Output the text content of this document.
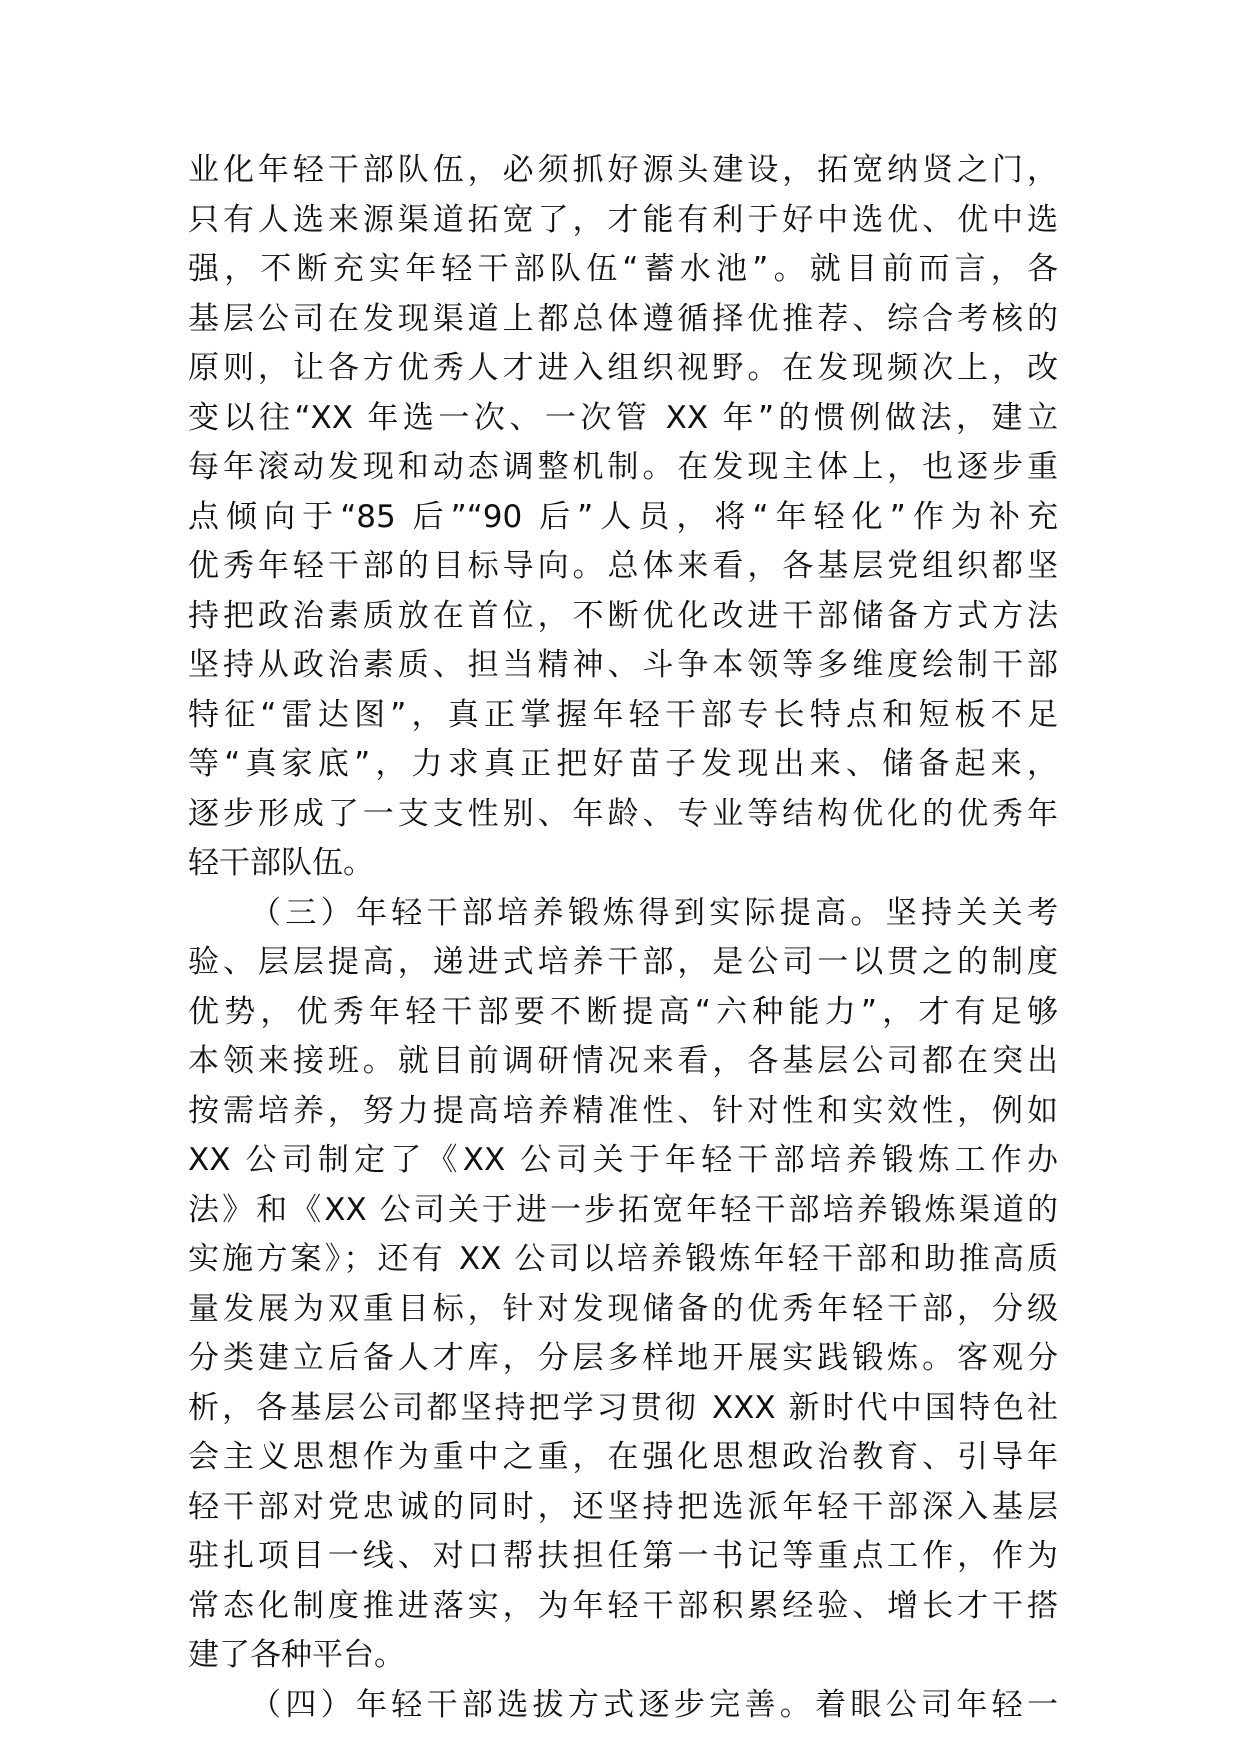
业化年轻干部队伍，必须抓好源头建设，拓宽纳贤之门，
只有人选来源渠道拓宽了，才能有利于好中选优、优中选
强，不断充实年轻干部队伍“蓄水池”。就目前而言，各
基层公司在发现渠道上都总体遵循择优推荐、综合考核的
原则，让各方优秀人才进入组织视野。在发现频次上，改
变以往“XX 年选一次、一次管 XX 年”的惯例做法，建立
每年滚动发现和动态调整机制。在发现主体上，也逐步重
点倾向于“85 后”“90 后”人员，将“年轻化”作为补充
优秀年轻干部的目标导向。总体来看，各基层党组织都坚
持把政治素质放在首位，不断优化改进干部储备方式方法
坚持从政治素质、担当精神、斗争本领等多维度绘制干部
特征“雷达图”，真正掌握年轻干部专长特点和短板不足
等“真家底”，力求真正把好苗子发现出来、储备起来，
逐步形成了一支支性别、年龄、专业等结构优化的优秀年
轻干部队伍。
（三）年轻干部培养锻炼得到实际提高。坚持关关考
验、层层提高，递进式培养干部，是公司一以贯之的制度
优势，优秀年轻干部要不断提高“六种能力”，才有足够
本领来接班。就目前调研情况来看，各基层公司都在突出
按需培养，努力提高培养精准性、针对性和实效性，例如
XX 公司制定了《XX 公司关于年轻干部培养锻炼工作办
法》和《XX 公司关于进一步拓宽年轻干部培养锻炼渠道的
实施方案》；还有 XX 公司以培养锻炼年轻干部和助推高质
量发展为双重目标，针对发现储备的优秀年轻干部，分级
分类建立后备人才库，分层多样地开展实践锻炼。客观分
析，各基层公司都坚持把学习贯彻 XXX 新时代中国特色社
会主义思想作为重中之重，在强化思想政治教育、引导年
轻干部对党忠诚的同时，还坚持把选派年轻干部深入基层
驻扎项目一线、对口帮扶担任第一书记等重点工作，作为
常态化制度推进落实，为年轻干部积累经验、增长才干搭
建了各种平台。
（四）年轻干部选拔方式逐步完善。着眼公司年轻一
